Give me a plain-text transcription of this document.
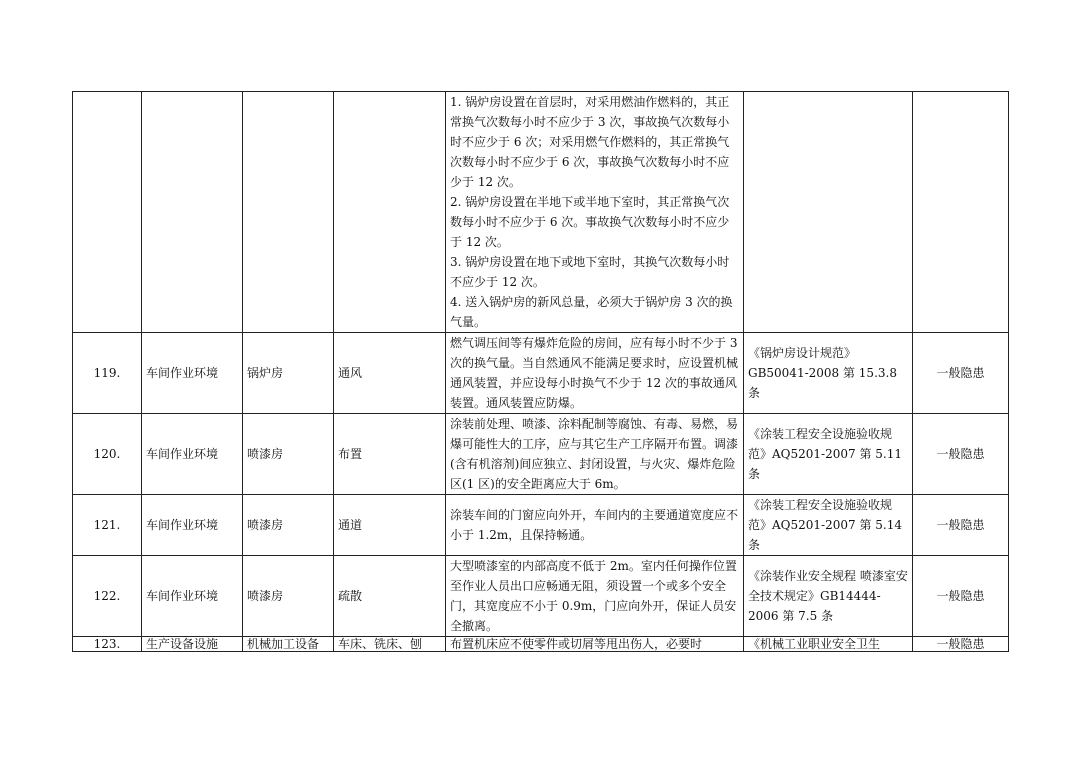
				1. 锅炉房设置在首层时，对采用燃油作燃料的，其正常换气次数每小时不应少于 3 次，事故换气次数每小时不应少于 6 次；对采用燃气作燃料的，其正常换气次数每小时不应少于 6 次，事故换气次数每小时不应少于 12 次。
2. 锅炉房设置在半地下或半地下室时，其正常换气次数每小时不应少于 6 次。事故换气次数每小时不应少于 12 次。
3. 锅炉房设置在地下或地下室时，其换气次数每小时不应少于 12 次。
4. 送入锅炉房的新风总量，必须大于锅炉房 3 次的换气量。		

119.	车间作业环境	锅炉房	通风	燃气调压间等有爆炸危险的房间，应有每小时不少于 3 次的换气量。当自然通风不能满足要求时，应设置机械通风装置，并应设每小时换气不少于 12 次的事故通风装置。通风装置应防爆。	《锅炉房设计规范》GB50041-2008 第 15.3.8 条	一般隐患
120.	车间作业环境	喷漆房	布置	涂装前处理、喷漆、涂料配制等腐蚀、有毒、易燃，易爆可能性大的工序，应与其它生产工序隔开布置。调漆(含有机溶剂)间应独立、封闭设置，与火灾、爆炸危险区(1 区)的安全距离应大于 6m。	《涂装工程安全设施验收规范》AQ5201-2007 第 5.11 条	一般隐患
121.	车间作业环境	喷漆房	通道	涂装车间的门窗应向外开，车间内的主要通道宽度应不小于 1.2m，且保持畅通。	《涂装工程安全设施验收规范》AQ5201-2007 第 5.14 条	一般隐患
122.	车间作业环境	喷漆房	疏散	大型喷漆室的内部高度不低于 2m。室内任何操作位置至作业人员出口应畅通无阻，须设置一个或多个安全门，其宽度应不小于 0.9m，门应向外开，保证人员安全撤离。	《涂装作业安全规程 喷漆室安全技术规定》GB14444-2006 第 7.5 条	一般隐患
123.	生产设备设施	机械加工设备	车床、铣床、刨	布置机床应不使零件或切屑等甩出伤人，必要时	《机械工业职业安全卫生	一般隐患
